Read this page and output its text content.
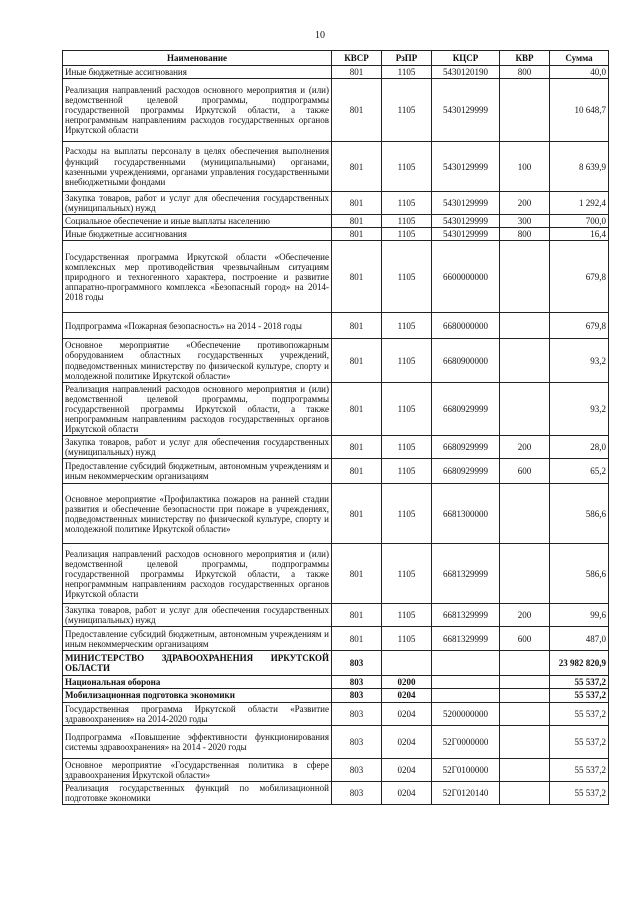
10
Наименование	КВСР	РзПР	КЦСР	КВР	Сумма
Иные бюджетные ассигнования	801	1105	5430120190	800	40,0
Реализация направлений расходов основного мероприятия и (или) ведомственной целевой программы, подпрограммы государственной программы Иркутской области, а также непрограммным направлениям расходов государственных органов Иркутской области	801	1105	5430129999		10 648,7
Расходы на выплаты персоналу в целях обеспечения выполнения функций государственными (муниципальными) органами, казенными учреждениями, органами управления государственными внебюджетными фондами	801	1105	5430129999	100	8 639,9
Закупка товаров, работ и услуг для обеспечения государственных (муниципальных) нужд	801	1105	5430129999	200	1 292,4
Социальное обеспечение и иные выплаты населению	801	1105	5430129999	300	700,0
Иные бюджетные ассигнования	801	1105	5430129999	800	16,4
Государственная программа Иркутской области «Обеспечение комплексных мер противодействия чрезвычайным ситуациям природного и техногенного характера, построение и развитие аппаратно-программного комплекса «Безопасный город» на 2014-2018 годы	801	1105	6600000000		679,8
Подпрограмма «Пожарная безопасность» на 2014 - 2018 годы	801	1105	6680000000		679,8
Основное мероприятие «Обеспечение противопожарным оборудованием областных государственных учреждений, подведомственных министерству по физической культуре, спорту и молодежной политике Иркутской области»	801	1105	6680900000		93,2
Реализация направлений расходов основного мероприятия и (или) ведомственной целевой программы, подпрограммы государственной программы Иркутской области, а также непрограммным направлениям расходов государственных органов Иркутской области	801	1105	6680929999		93,2
Закупка товаров, работ и услуг для обеспечения государственных (муниципальных) нужд	801	1105	6680929999	200	28,0
Предоставление субсидий бюджетным, автономным учреждениям и иным некоммерческим организациям	801	1105	6680929999	600	65,2
Основное мероприятие «Профилактика пожаров на ранней стадии развития и обеспечение безопасности при пожаре в учреждениях, подведомственных министерству по физической культуре, спорту и молодежной политике Иркутской области»	801	1105	6681300000		586,6
Реализация направлений расходов основного мероприятия и (или) ведомственной целевой программы, подпрограммы государственной программы Иркутской области, а также непрограммным направлениям расходов государственных органов Иркутской области	801	1105	6681329999		586,6
Закупка товаров, работ и услуг для обеспечения государственных (муниципальных) нужд	801	1105	6681329999	200	99,6
Предоставление субсидий бюджетным, автономным учреждениям и иным некоммерческим организациям	801	1105	6681329999	600	487,0
МИНИСТЕРСТВО ЗДРАВООХРАНЕНИЯ ИРКУТСКОЙ ОБЛАСТИ	803				23 982 820,9
Национальная оборона	803	0200			55 537,2
Мобилизационная подготовка экономики	803	0204			55 537,2
Государственная программа Иркутской области «Развитие здравоохранения» на 2014-2020 годы	803	0204	5200000000		55 537,2
Подпрограмма «Повышение эффективности функционирования системы здравоохранения» на 2014 - 2020 годы	803	0204	52Г0000000		55 537,2
Основное мероприятие «Государственная политика в сфере здравоохранения Иркутской области»	803	0204	52Г0100000		55 537,2
Реализация государственных функций по мобилизационной подготовке экономики	803	0204	52Г0120140		55 537,2
